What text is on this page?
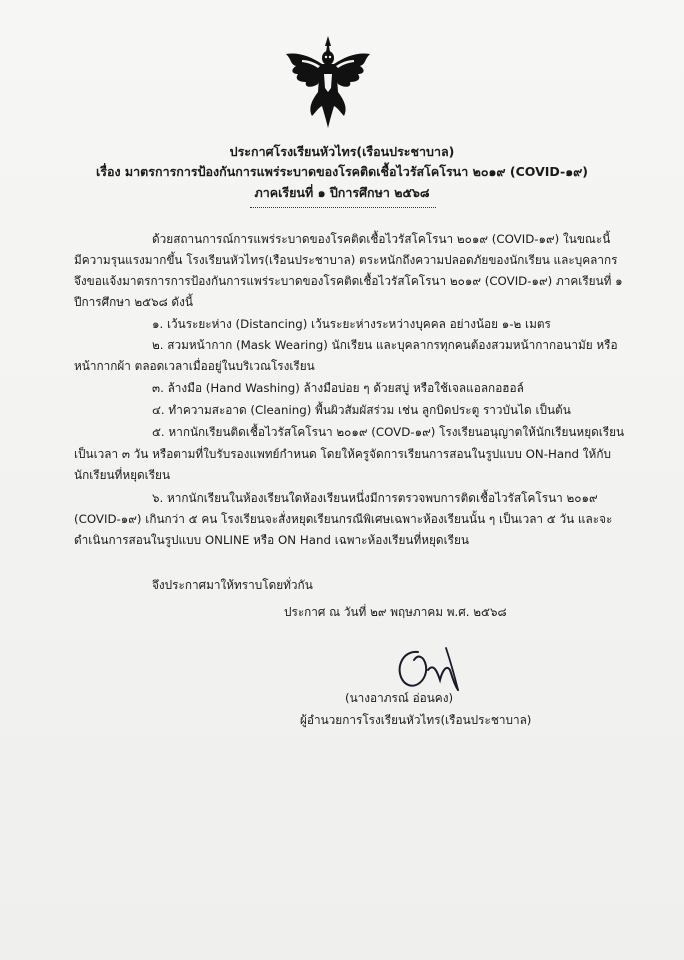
ประกาศโรงเรียนหัวไทร(เรือนประชาบาล)
เรื่อง มาตรการการป้องกันการแพร่ระบาดของโรคติดเชื้อไวรัสโคโรนา ๒๐๑๙ (COVID-๑๙)
ภาคเรียนที่ ๑ ปีการศึกษา ๒๕๖๘
ด้วยสถานการณ์การแพร่ระบาดของโรคติดเชื้อไวรัสโคโรนา ๒๐๑๙ (COVID-๑๙) ในขณะนี้
มีความรุนแรงมากขึ้น โรงเรียนหัวไทร(เรือนประชาบาล) ตระหนักถึงความปลอดภัยของนักเรียน และบุคลากร
จึงขอแจ้งมาตรการการป้องกันการแพร่ระบาดของโรคติดเชื้อไวรัสโคโรนา ๒๐๑๙ (COVID-๑๙) ภาคเรียนที่ ๑
ปีการศึกษา ๒๕๖๘ ดังนี้
๑. เว้นระยะห่าง (Distancing) เว้นระยะห่างระหว่างบุคคล อย่างน้อย ๑-๒ เมตร
๒. สวมหน้ากาก (Mask Wearing) นักเรียน และบุคลากรทุกคนต้องสวมหน้ากากอนามัย หรือ
หน้ากากผ้า ตลอดเวลาเมื่ออยู่ในบริเวณโรงเรียน
๓. ล้างมือ (Hand Washing) ล้างมือบ่อย ๆ ด้วยสบู่ หรือใช้เจลแอลกอฮอล์
๔. ทำความสะอาด (Cleaning) พื้นผิวสัมผัสร่วม เช่น ลูกบิดประตู ราวบันได เป็นต้น
๕. หากนักเรียนติดเชื้อไวรัสโคโรนา ๒๐๑๙ (COVD-๑๙) โรงเรียนอนุญาตให้นักเรียนหยุดเรียน
เป็นเวลา ๓ วัน หรือตามที่ใบรับรองแพทย์กำหนด โดยให้ครูจัดการเรียนการสอนในรูปแบบ ON-Hand ให้กับ
นักเรียนที่หยุดเรียน
๖. หากนักเรียนในห้องเรียนใดห้องเรียนหนึ่งมีการตรวจพบการติดเชื้อไวรัสโคโรนา ๒๐๑๙
(COVID-๑๙) เกินกว่า ๕ คน โรงเรียนจะสั่งหยุดเรียนกรณีพิเศษเฉพาะห้องเรียนนั้น ๆ เป็นเวลา ๕ วัน และจะ
ดำเนินการสอนในรูปแบบ ONLINE หรือ ON Hand เฉพาะห้องเรียนที่หยุดเรียน
จึงประกาศมาให้ทราบโดยทั่วกัน
ประกาศ ณ วันที่ ๒๙ พฤษภาคม พ.ศ. ๒๕๖๘
(นางอาภรณ์ อ่อนคง)
ผู้อำนวยการโรงเรียนหัวไทร(เรือนประชาบาล)
